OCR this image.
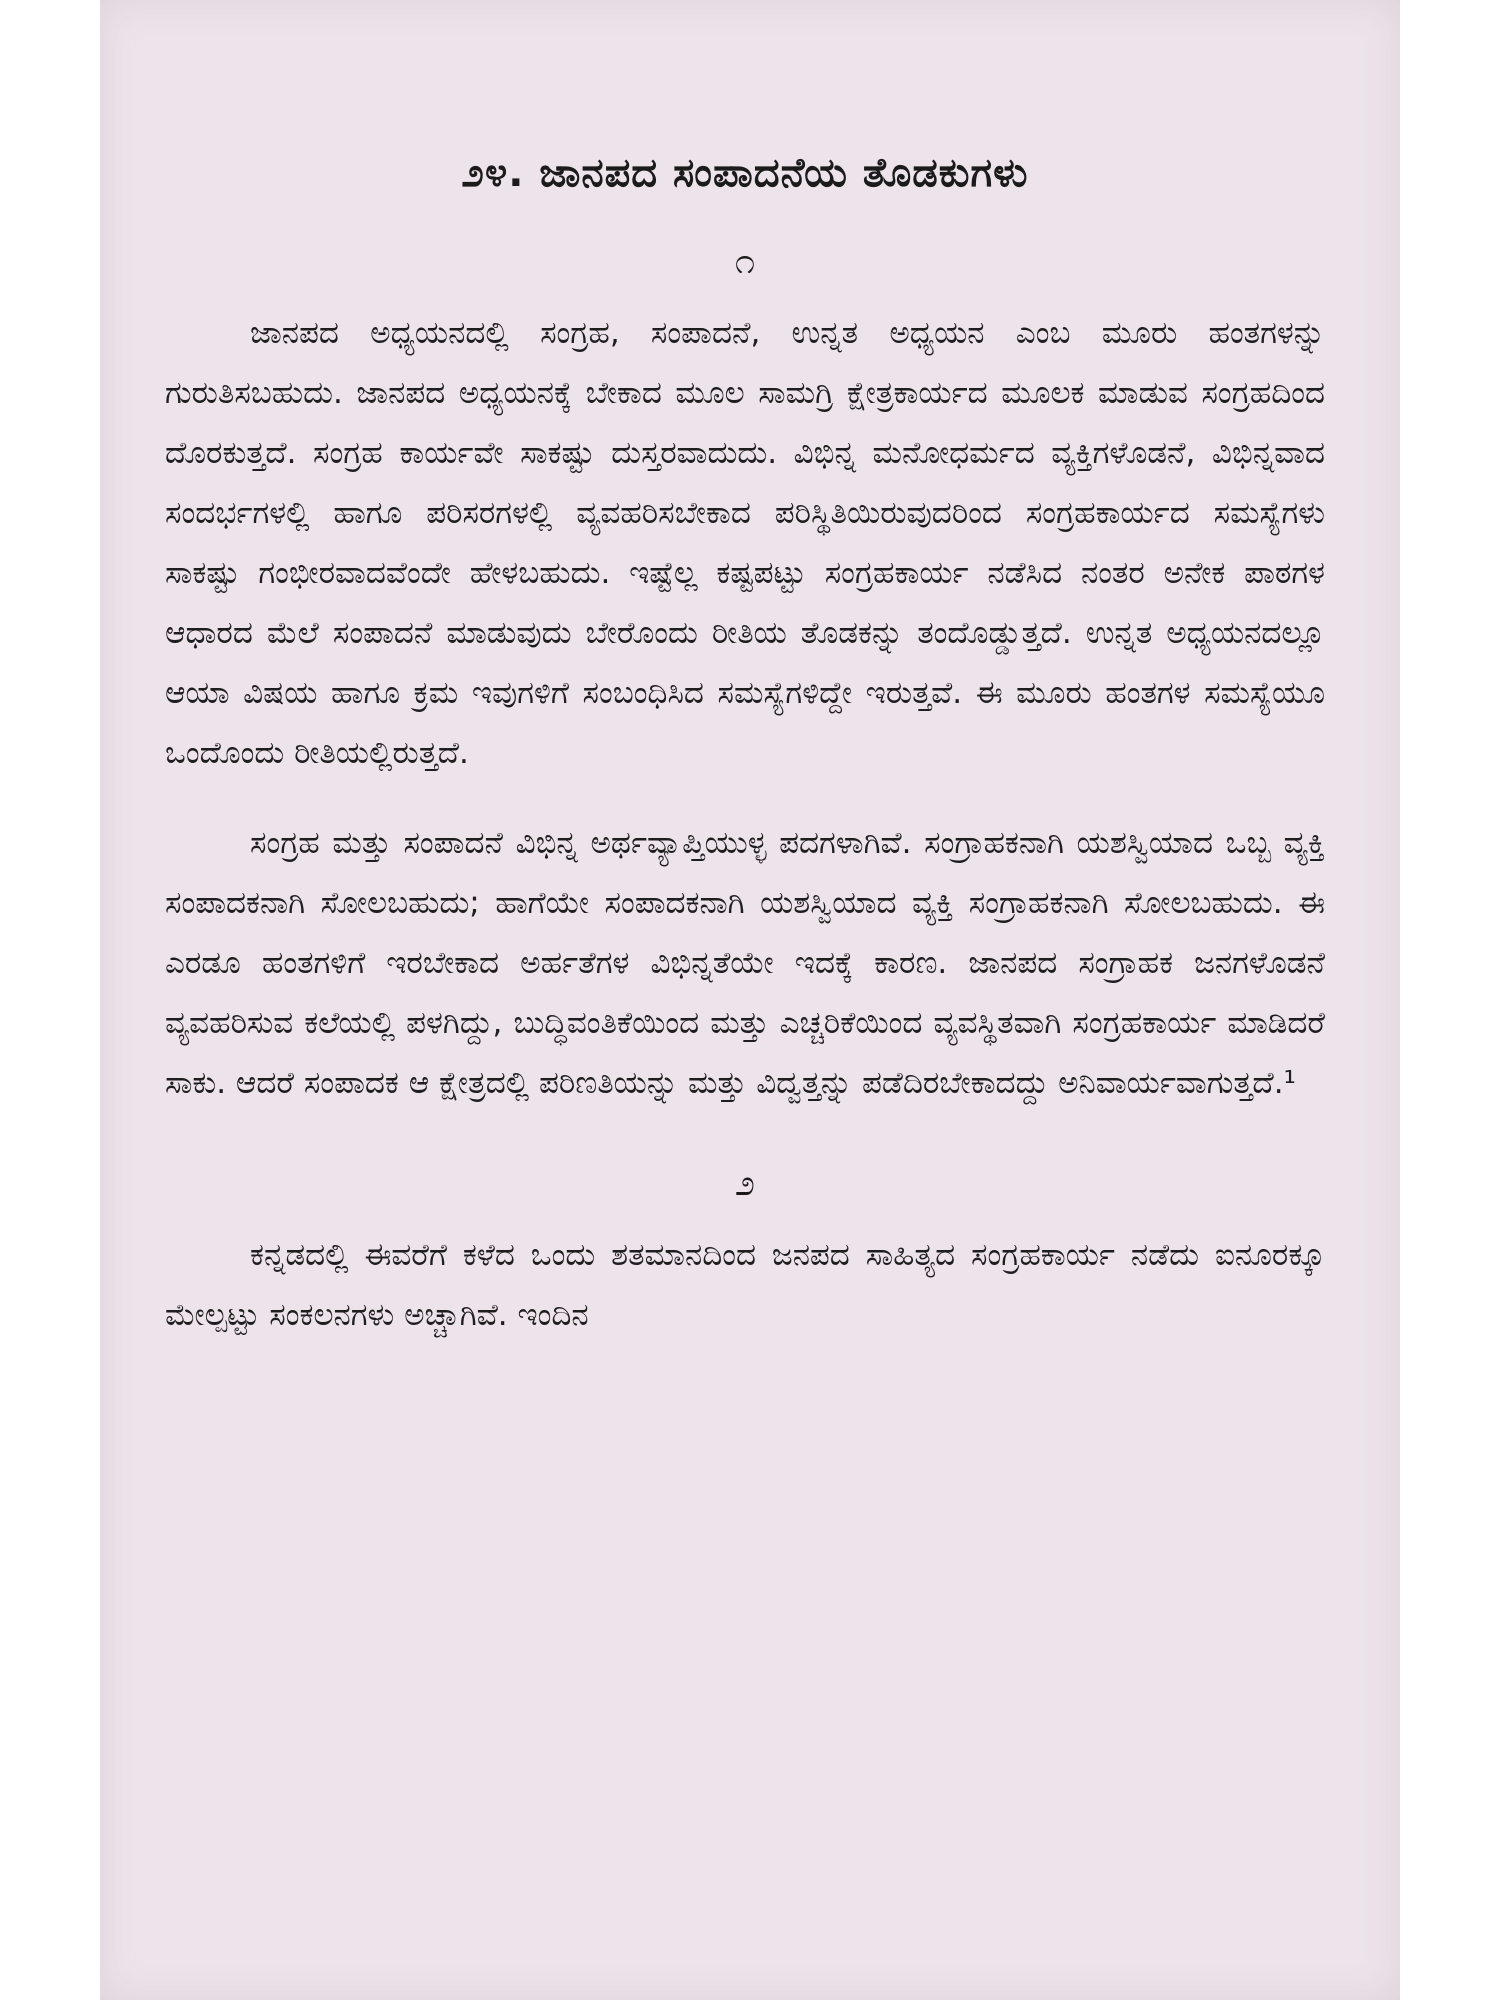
೨೪. ಜಾನಪದ ಸಂಪಾದನೆಯ ತೊಡಕುಗಳು
೧

ಜಾನಪದ ಅಧ್ಯಯನದಲ್ಲಿ ಸಂಗ್ರಹ, ಸಂಪಾದನೆ, ಉನ್ನತ ಅಧ್ಯಯನ ಎಂಬ ಮೂರು ಹಂತಗಳನ್ನು ಗುರುತಿಸಬಹುದು. ಜಾನಪದ ಅಧ್ಯಯನಕ್ಕೆ ಬೇಕಾದ ಮೂಲ ಸಾಮಗ್ರಿ ಕ್ಷೇತ್ರಕಾರ್ಯದ ಮೂಲಕ ಮಾಡುವ ಸಂಗ್ರಹದಿಂದ ದೊರಕುತ್ತದೆ. ಸಂಗ್ರಹ ಕಾರ್ಯವೇ ಸಾಕಷ್ಟು ದುಸ್ತರವಾದುದು. ವಿಭಿನ್ನ ಮನೋಧರ್ಮದ ವ್ಯಕ್ತಿಗಳೊಡನೆ, ವಿಭಿನ್ನವಾದ ಸಂದರ್ಭಗಳಲ್ಲಿ ಹಾಗೂ ಪರಿಸರಗಳಲ್ಲಿ ವ್ಯವಹರಿಸಬೇಕಾದ ಪರಿಸ್ಥಿತಿಯಿರುವುದರಿಂದ ಸಂಗ್ರಹಕಾರ್ಯದ ಸಮಸ್ಯೆಗಳು ಸಾಕಷ್ಟು ಗಂಭೀರವಾದವೆಂದೇ ಹೇಳಬಹುದು. ಇಷ್ಟೆಲ್ಲ ಕಷ್ಟಪಟ್ಟು ಸಂಗ್ರಹಕಾರ್ಯ ನಡೆಸಿದ ನಂತರ ಅನೇಕ ಪಾಠಗಳ ಆಧಾರದ ಮೆಲೆ ಸಂಪಾದನೆ ಮಾಡುವುದು ಬೇರೊಂದು ರೀತಿಯ ತೊಡಕನ್ನು ತಂದೊಡ್ಡುತ್ತದೆ. ಉನ್ನತ ಅಧ್ಯಯನದಲ್ಲೂ ಆಯಾ ವಿಷಯ ಹಾಗೂ ಕ್ರಮ ಇವುಗಳಿಗೆ ಸಂಬಂಧಿಸಿದ ಸಮಸ್ಯೆಗಳಿದ್ದೇ ಇರುತ್ತವೆ. ಈ ಮೂರು ಹಂತಗಳ ಸಮಸ್ಯೆಯೂ ಒಂದೊಂದು ರೀತಿಯಲ್ಲಿರುತ್ತದೆ.

ಸಂಗ್ರಹ ಮತ್ತು ಸಂಪಾದನೆ ವಿಭಿನ್ನ ಅರ್ಥವ್ಯಾಪ್ತಿಯುಳ್ಳ ಪದಗಳಾಗಿವೆ. ಸಂಗ್ರಾಹಕನಾಗಿ ಯಶಸ್ವಿಯಾದ ಒಬ್ಬ ವ್ಯಕ್ತಿ ಸಂಪಾದಕನಾಗಿ ಸೋಲಬಹುದು; ಹಾಗೆಯೇ ಸಂಪಾದಕನಾಗಿ ಯಶಸ್ವಿಯಾದ ವ್ಯಕ್ತಿ ಸಂಗ್ರಾಹಕನಾಗಿ ಸೋಲಬಹುದು. ಈ ಎರಡೂ ಹಂತಗಳಿಗೆ ಇರಬೇಕಾದ ಅರ್ಹತೆಗಳ ವಿಭಿನ್ನತೆಯೇ ಇದಕ್ಕೆ ಕಾರಣ. ಜಾನಪದ ಸಂಗ್ರಾಹಕ ಜನಗಳೊಡನೆ ವ್ಯವಹರಿಸುವ ಕಲೆಯಲ್ಲಿ ಪಳಗಿದ್ದು, ಬುದ್ಧಿವಂತಿಕೆಯಿಂದ ಮತ್ತು ಎಚ್ಚರಿಕೆಯಿಂದ ವ್ಯವಸ್ಥಿತವಾಗಿ ಸಂಗ್ರಹಕಾರ್ಯ ಮಾಡಿದರೆ ಸಾಕು. ಆದರೆ ಸಂಪಾದಕ ಆ ಕ್ಷೇತ್ರದಲ್ಲಿ ಪರಿಣತಿಯನ್ನು ಮತ್ತು ವಿದ್ವತ್ತನ್ನು ಪಡೆದಿರಬೇಕಾದದ್ದು ಅನಿವಾರ್ಯವಾಗುತ್ತದೆ.¹

೨

ಕನ್ನಡದಲ್ಲಿ ಈವರೆಗೆ ಕಳೆದ ಒಂದು ಶತಮಾನದಿಂದ ಜನಪದ ಸಾಹಿತ್ಯದ ಸಂಗ್ರಹಕಾರ್ಯ ನಡೆದು ಐನೂರಕ್ಕೂ ಮೇಲ್ಪಟ್ಟು ಸಂಕಲನಗಳು ಅಚ್ಚಾಗಿವೆ. ಇಂದಿನ
